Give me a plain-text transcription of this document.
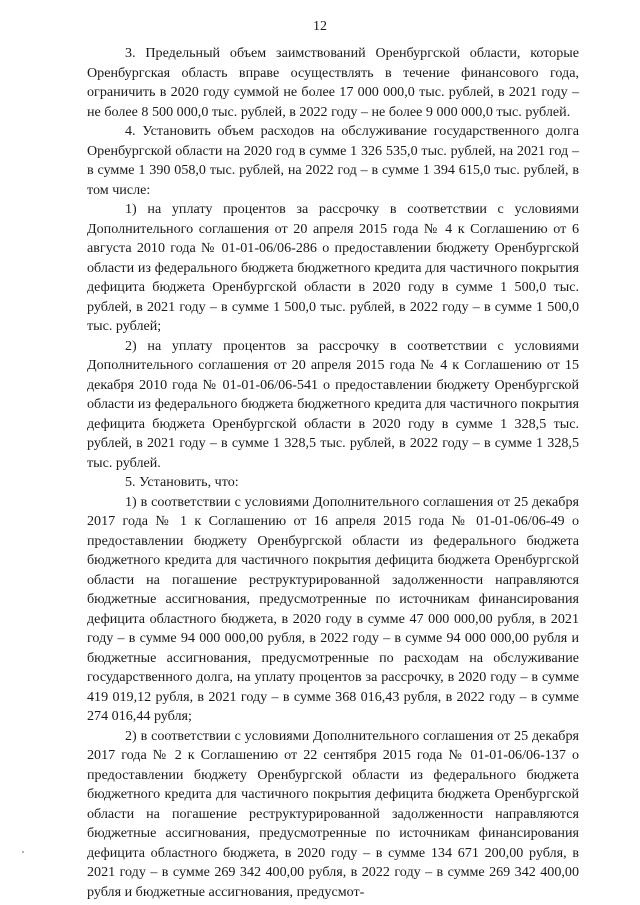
12

3. Предельный объем заимствований Оренбургской области, которые Оренбургская область вправе осуществлять в течение финансового года, ограничить в 2020 году суммой не более 17 000 000,0 тыс. рублей, в 2021 году – не более 8 500 000,0 тыс. рублей, в 2022 году – не более 9 000 000,0 тыс. рублей.

4. Установить объем расходов на обслуживание государственного долга Оренбургской области на 2020 год в сумме 1 326 535,0 тыс. рублей, на 2021 год – в сумме 1 390 058,0 тыс. рублей, на 2022 год – в сумме 1 394 615,0 тыс. рублей, в том числе:

1) на уплату процентов за рассрочку в соответствии с условиями Дополнительного соглашения от 20 апреля 2015 года № 4 к Соглашению от 6 августа 2010 года № 01-01-06/06-286 о предоставлении бюджету Оренбургской области из федерального бюджета бюджетного кредита для частичного покрытия дефицита бюджета Оренбургской области в 2020 году в сумме 1 500,0 тыс. рублей, в 2021 году – в сумме 1 500,0 тыс. рублей, в 2022 году – в сумме 1 500,0 тыс. рублей;

2) на уплату процентов за рассрочку в соответствии с условиями Дополнительного соглашения от 20 апреля 2015 года № 4 к Соглашению от 15 декабря 2010 года № 01-01-06/06-541 о предоставлении бюджету Оренбургской области из федерального бюджета бюджетного кредита для частичного покрытия дефицита бюджета Оренбургской области в 2020 году в сумме 1 328,5 тыс. рублей, в 2021 году – в сумме 1 328,5 тыс. рублей, в 2022 году – в сумме 1 328,5 тыс. рублей.

5. Установить, что:

1) в соответствии с условиями Дополнительного соглашения от 25 декабря 2017 года № 1 к Соглашению от 16 апреля 2015 года № 01-01-06/06-49 о предоставлении бюджету Оренбургской области из федерального бюджета бюджетного кредита для частичного покрытия дефицита бюджета Оренбургской области на погашение реструктурированной задолженности направляются бюджетные ассигнования, предусмотренные по источникам финансирования дефицита областного бюджета, в 2020 году в сумме 47 000 000,00 рубля, в 2021 году – в сумме 94 000 000,00 рубля, в 2022 году – в сумме 94 000 000,00 рубля и бюджетные ассигнования, предусмотренные по расходам на обслуживание государственного долга, на уплату процентов за рассрочку, в 2020 году – в сумме 419 019,12 рубля, в 2021 году – в сумме 368 016,43 рубля, в 2022 году – в сумме 274 016,44 рубля;

2) в соответствии с условиями Дополнительного соглашения от 25 декабря 2017 года № 2 к Соглашению от 22 сентября 2015 года № 01-01-06/06-137 о предоставлении бюджету Оренбургской области из федерального бюджета бюджетного кредита для частичного покрытия дефицита бюджета Оренбургской области на погашение реструктурированной задолженности направляются бюджетные ассигнования, предусмотренные по источникам финансирования дефицита областного бюджета, в 2020 году – в сумме 134 671 200,00 рубля, в 2021 году – в сумме 269 342 400,00 рубля, в 2022 году – в сумме 269 342 400,00 рубля и бюджетные ассигнования, предусмот-
